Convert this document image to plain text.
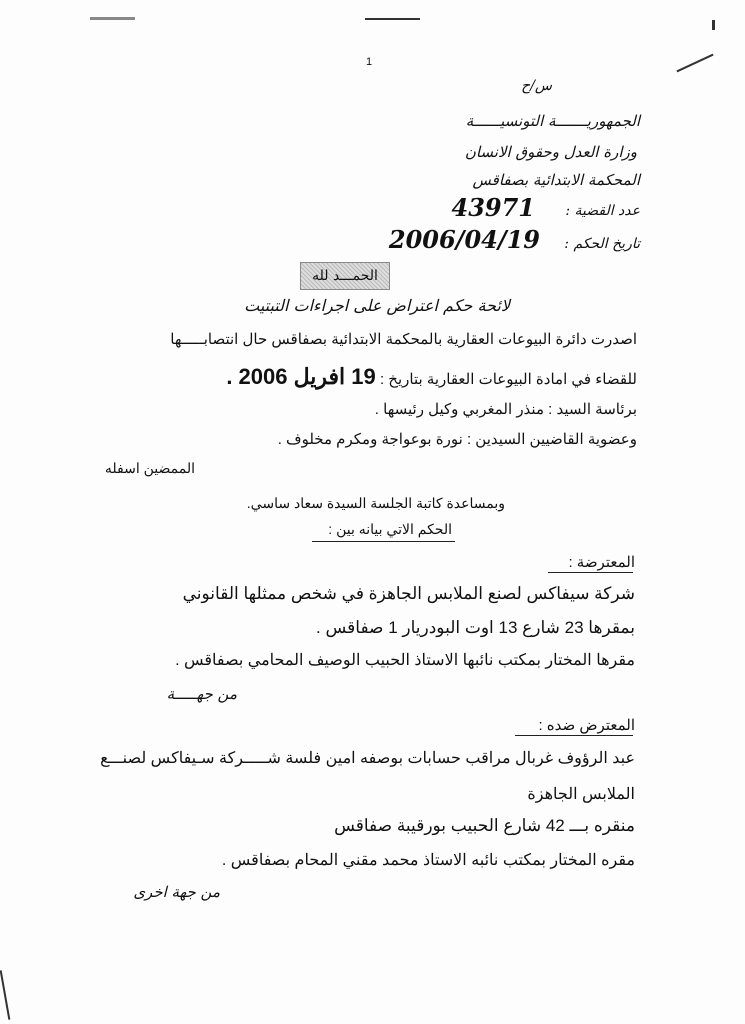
1
س/ح
الجمهوريـــــــة التونسيــــــة
وزارة العدل وحقوق الانسان
المحكمة الابتدائية بصفاقس
عدد القضية :
43971
تاريخ الحكم :
2006/04/19
الحمـــد لله
لائحة حكم اعتراض على اجراءات التبتيت
اصدرت دائرة البيوعات العقارية بالمحكمة الابتدائية بصفاقس حال انتصابـــــها
للقضاء في امادة البيوعات العقارية بتاريخ : 19 افريل 2006 .
برئاسة السيد : منذر المغربي وكيل رئيسها .
وعضوية القاضيين السيدين : نورة بوعواجة ومكرم مخلوف .
الممضين اسفله
وبمساعدة كاتبة الجلسة السيدة سعاد ساسي.
الحكم الاتي بيانه بين :
المعترضة :
شركة سيفاكس لصنع الملابس الجاهزة في شخص ممثلها القانوني
بمقرها 23 شارع 13 اوت البودريار 1 صفاقس .
مقرها المختار بمكتب نائبها الاستاذ الحبيب الوصيف المحامي بصفاقس .
من جهـــــة
المعترض ضده :
عبد الرؤوف غربال مراقب حسابات بوصفه امين فلسة شـــــركة سـيفاكس لصنـــع
الملابس الجاهزة
منقره بـــ 42 شارع الحبيب بورقيبة صفاقس
مقره المختار بمكتب نائبه الاستاذ محمد مقني المحام بصفاقس .
من جهة اخرى
